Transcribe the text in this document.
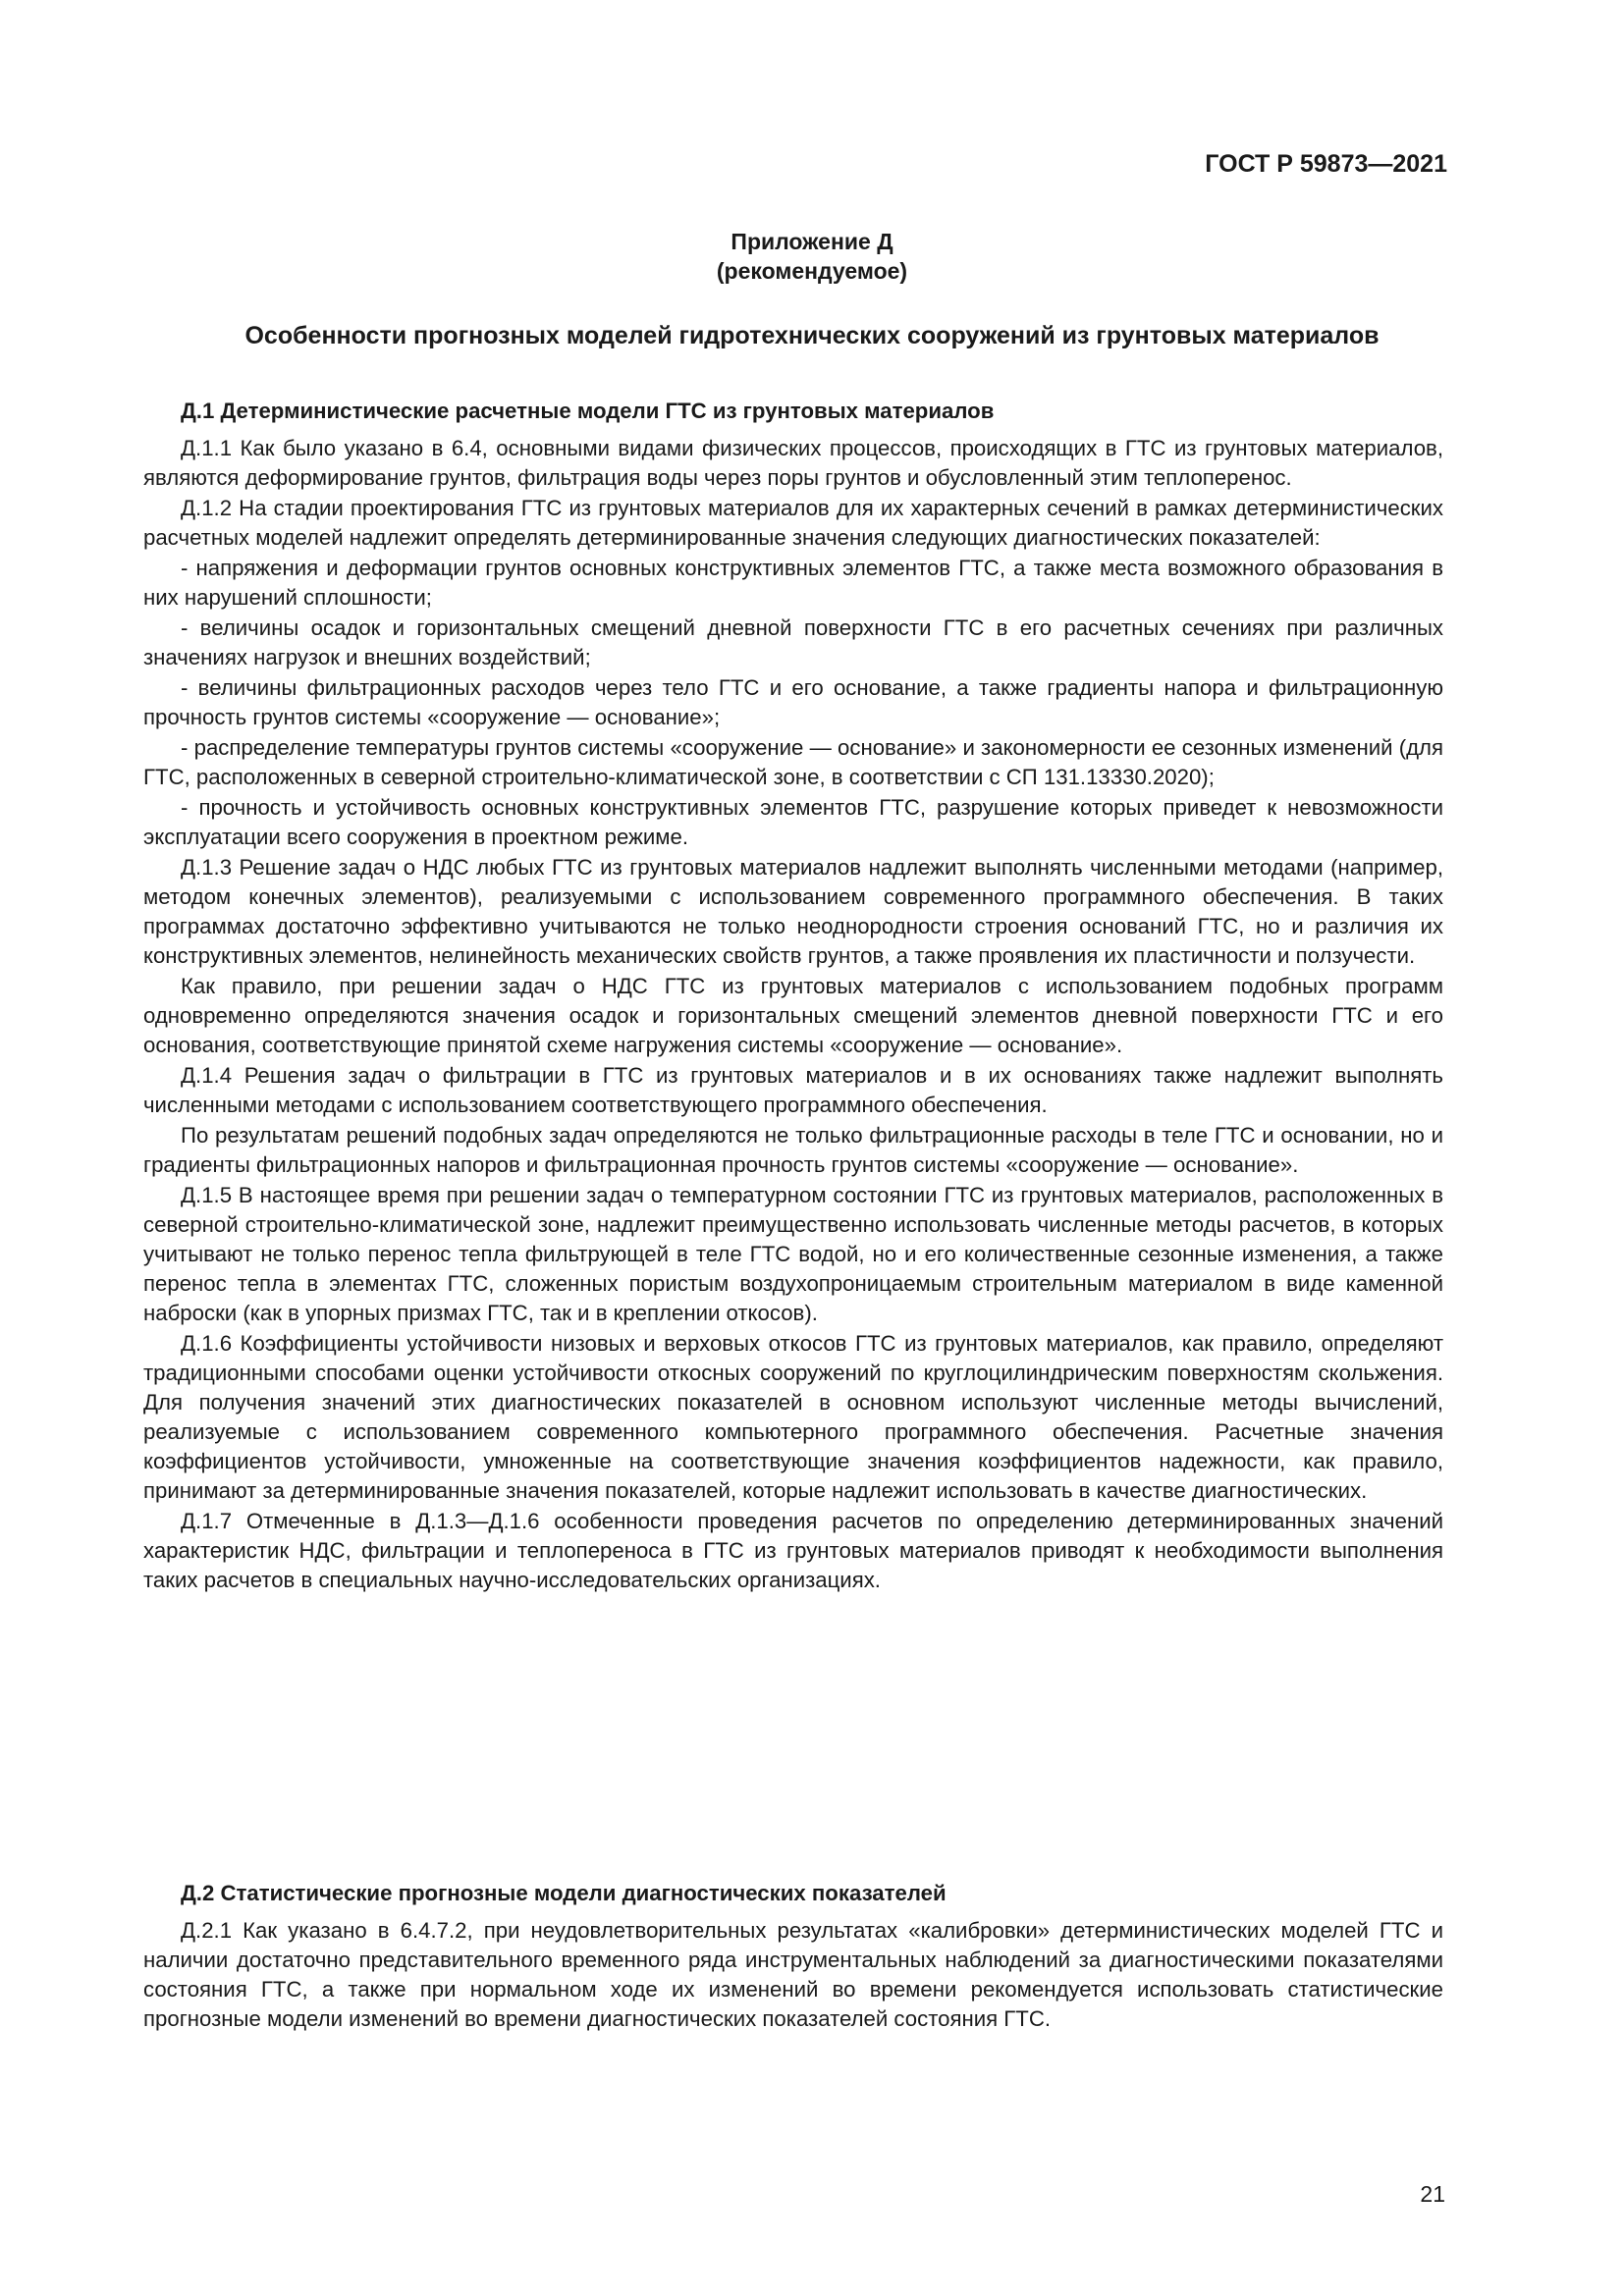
ГОСТ Р 59873—2021

Приложение Д

(рекомендуемое)

Особенности прогнозных моделей гидротехнических сооружений из грунтовых материалов

Д.1 Детерминистические расчетные модели ГТС из грунтовых материалов

Д.1.1 Как было указано в 6.4, основными видами физических процессов, происходящих в ГТС из грунтовых материалов, являются деформирование грунтов, фильтрация воды через поры грунтов и обусловленный этим теплоперенос.

Д.1.2 На стадии проектирования ГТС из грунтовых материалов для их характерных сечений в рамках детерминистических расчетных моделей надлежит определять детерминированные значения следующих диагностических показателей:

- напряжения и деформации грунтов основных конструктивных элементов ГТС, а также места возможного образования в них нарушений сплошности;

- величины осадок и горизонтальных смещений дневной поверхности ГТС в его расчетных сечениях при различных значениях нагрузок и внешних воздействий;

- величины фильтрационных расходов через тело ГТС и его основание, а также градиенты напора и фильтрационную прочность грунтов системы «сооружение — основание»;

- распределение температуры грунтов системы «сооружение — основание» и закономерности ее сезонных изменений (для ГТС, расположенных в северной строительно-климатической зоне, в соответствии с СП 131.13330.2020);

- прочность и устойчивость основных конструктивных элементов ГТС, разрушение которых приведет к невозможности эксплуатации всего сооружения в проектном режиме.

Д.1.3 Решение задач о НДС любых ГТС из грунтовых материалов надлежит выполнять численными методами (например, методом конечных элементов), реализуемыми с использованием современного программного обеспечения. В таких программах достаточно эффективно учитываются не только неоднородности строения оснований ГТС, но и различия их конструктивных элементов, нелинейность механических свойств грунтов, а также проявления их пластичности и ползучести.

Как правило, при решении задач о НДС ГТС из грунтовых материалов с использованием подобных программ одновременно определяются значения осадок и горизонтальных смещений элементов дневной поверхности ГТС и его основания, соответствующие принятой схеме нагружения системы «сооружение — основание».

Д.1.4 Решения задач о фильтрации в ГТС из грунтовых материалов и в их основаниях также надлежит выполнять численными методами с использованием соответствующего программного обеспечения.

По результатам решений подобных задач определяются не только фильтрационные расходы в теле ГТС и основании, но и градиенты фильтрационных напоров и фильтрационная прочность грунтов системы «сооружение — основание».

Д.1.5 В настоящее время при решении задач о температурном состоянии ГТС из грунтовых материалов, расположенных в северной строительно-климатической зоне, надлежит преимущественно использовать численные методы расчетов, в которых учитывают не только перенос тепла фильтрующей в теле ГТС водой, но и его количественные сезонные изменения, а также перенос тепла в элементах ГТС, сложенных пористым воздухопроницаемым строительным материалом в виде каменной наброски (как в упорных призмах ГТС, так и в креплении откосов).

Д.1.6 Коэффициенты устойчивости низовых и верховых откосов ГТС из грунтовых материалов, как правило, определяют традиционными способами оценки устойчивости откосных сооружений по круглоцилиндрическим поверхностям скольжения. Для получения значений этих диагностических показателей в основном используют численные методы вычислений, реализуемые с использованием современного компьютерного программного обеспечения. Расчетные значения коэффициентов устойчивости, умноженные на соответствующие значения коэффициентов надежности, как правило, принимают за детерминированные значения показателей, которые надлежит использовать в качестве диагностических.

Д.1.7 Отмеченные в Д.1.3—Д.1.6 особенности проведения расчетов по определению детерминированных значений характеристик НДС, фильтрации и теплопереноса в ГТС из грунтовых материалов приводят к необходимости выполнения таких расчетов в специальных научно-исследовательских организациях.

Д.2 Статистические прогнозные модели диагностических показателей

Д.2.1 Как указано в 6.4.7.2, при неудовлетворительных результатах «калибровки» детерминистических моделей ГТС и наличии достаточно представительного временного ряда инструментальных наблюдений за диагностическими показателями состояния ГТС, а также при нормальном ходе их изменений во времени рекомендуется использовать статистические прогнозные модели изменений во времени диагностических показателей состояния ГТС.

21
